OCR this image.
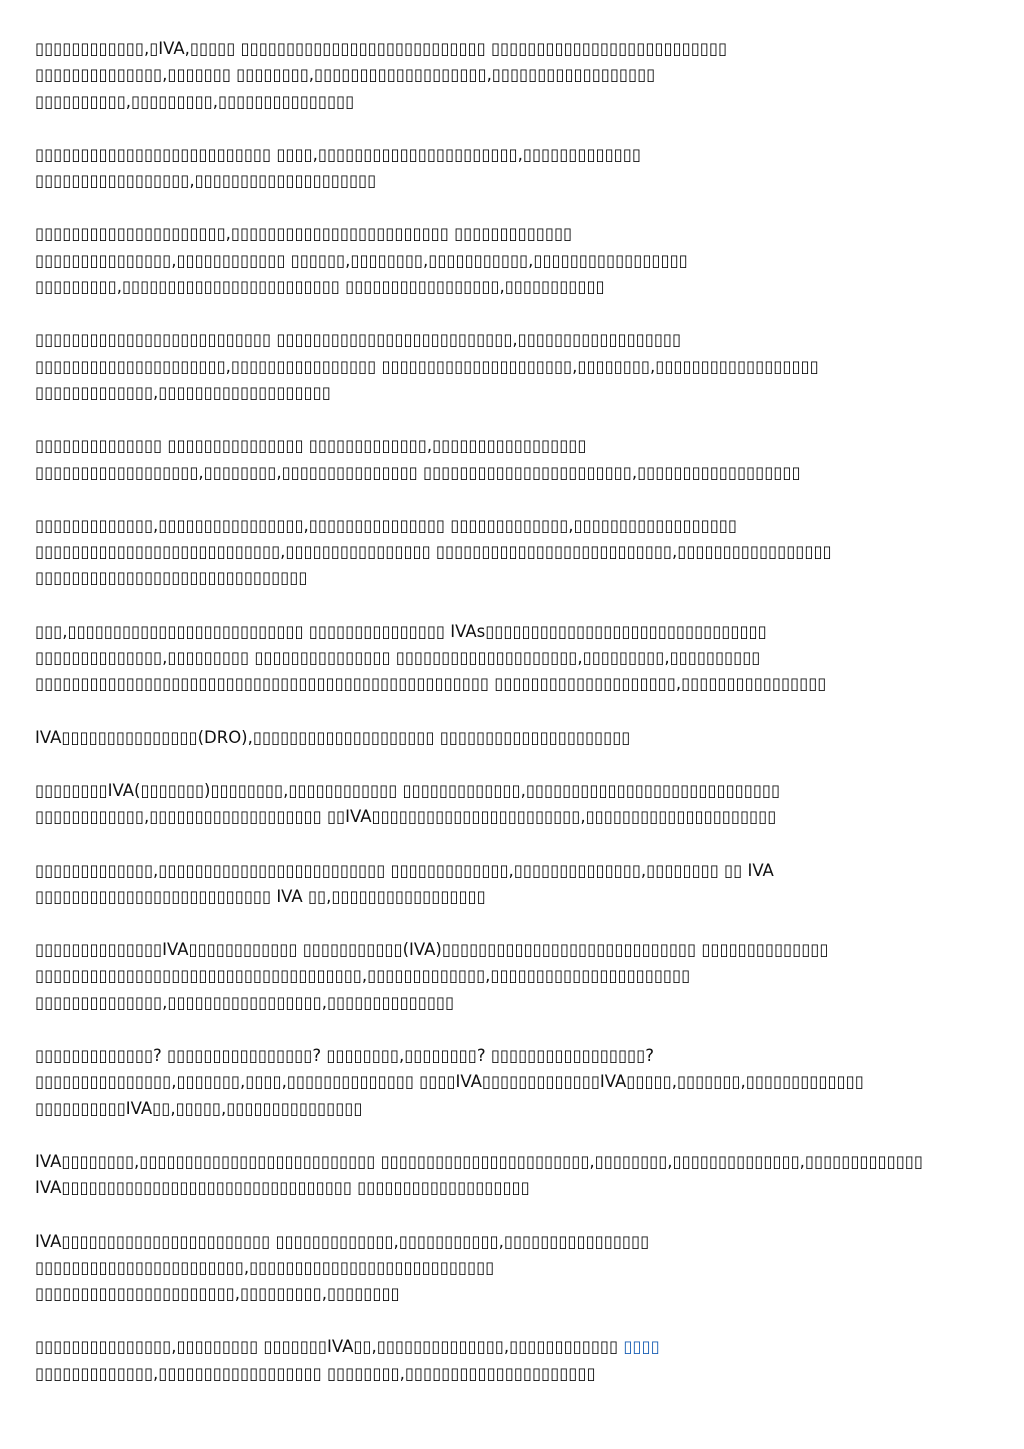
▯▯▯▯▯▯▯▯▯▯▯▯,▯IVA,▯▯▯▯▯ ▯▯▯▯▯▯▯▯▯▯▯▯▯▯▯▯▯▯▯▯▯▯▯▯▯▯▯ ▯▯▯▯▯▯▯▯▯▯▯▯▯▯▯▯▯▯▯▯▯▯▯▯▯▯
▯▯▯▯▯▯▯▯▯▯▯▯▯▯,▯▯▯▯▯▯▯ ▯▯▯▯▯▯▯▯,▯▯▯▯▯▯▯▯▯▯▯▯▯▯▯▯▯▯▯,▯▯▯▯▯▯▯▯▯▯▯▯▯▯▯▯▯▯
▯▯▯▯▯▯▯▯▯▯,▯▯▯▯▯▯▯▯▯,▯▯▯▯▯▯▯▯▯▯▯▯▯▯▯

▯▯▯▯▯▯▯▯▯▯▯▯▯▯▯▯▯▯▯▯▯▯▯▯▯▯ ▯▯▯▯,▯▯▯▯▯▯▯▯▯▯▯▯▯▯▯▯▯▯▯▯▯▯,▯▯▯▯▯▯▯▯▯▯▯▯▯
▯▯▯▯▯▯▯▯▯▯▯▯▯▯▯▯▯,▯▯▯▯▯▯▯▯▯▯▯▯▯▯▯▯▯▯▯▯

▯▯▯▯▯▯▯▯▯▯▯▯▯▯▯▯▯▯▯▯▯,▯▯▯▯▯▯▯▯▯▯▯▯▯▯▯▯▯▯▯▯▯▯▯▯ ▯▯▯▯▯▯▯▯▯▯▯▯▯
▯▯▯▯▯▯▯▯▯▯▯▯▯▯▯,▯▯▯▯▯▯▯▯▯▯▯▯ ▯▯▯▯▯▯,▯▯▯▯▯▯▯▯,▯▯▯▯▯▯▯▯▯▯▯,▯▯▯▯▯▯▯▯▯▯▯▯▯▯▯▯▯
▯▯▯▯▯▯▯▯▯,▯▯▯▯▯▯▯▯▯▯▯▯▯▯▯▯▯▯▯▯▯▯▯▯ ▯▯▯▯▯▯▯▯▯▯▯▯▯▯▯▯▯,▯▯▯▯▯▯▯▯▯▯▯

▯▯▯▯▯▯▯▯▯▯▯▯▯▯▯▯▯▯▯▯▯▯▯▯▯▯ ▯▯▯▯▯▯▯▯▯▯▯▯▯▯▯▯▯▯▯▯▯▯▯▯▯▯,▯▯▯▯▯▯▯▯▯▯▯▯▯▯▯▯▯▯
▯▯▯▯▯▯▯▯▯▯▯▯▯▯▯▯▯▯▯▯▯,▯▯▯▯▯▯▯▯▯▯▯▯▯▯▯▯ ▯▯▯▯▯▯▯▯▯▯▯▯▯▯▯▯▯▯▯▯▯,▯▯▯▯▯▯▯▯,▯▯▯▯▯▯▯▯▯▯▯▯▯▯▯▯▯▯
▯▯▯▯▯▯▯▯▯▯▯▯▯,▯▯▯▯▯▯▯▯▯▯▯▯▯▯▯▯▯▯▯

▯▯▯▯▯▯▯▯▯▯▯▯▯▯ ▯▯▯▯▯▯▯▯▯▯▯▯▯▯▯ ▯▯▯▯▯▯▯▯▯▯▯▯▯,▯▯▯▯▯▯▯▯▯▯▯▯▯▯▯▯▯
▯▯▯▯▯▯▯▯▯▯▯▯▯▯▯▯▯▯,▯▯▯▯▯▯▯▯,▯▯▯▯▯▯▯▯▯▯▯▯▯▯▯ ▯▯▯▯▯▯▯▯▯▯▯▯▯▯▯▯▯▯▯▯▯▯▯,▯▯▯▯▯▯▯▯▯▯▯▯▯▯▯▯▯▯

▯▯▯▯▯▯▯▯▯▯▯▯▯,▯▯▯▯▯▯▯▯▯▯▯▯▯▯▯▯,▯▯▯▯▯▯▯▯▯▯▯▯▯▯▯ ▯▯▯▯▯▯▯▯▯▯▯▯▯,▯▯▯▯▯▯▯▯▯▯▯▯▯▯▯▯▯▯
▯▯▯▯▯▯▯▯▯▯▯▯▯▯▯▯▯▯▯▯▯▯▯▯▯▯▯,▯▯▯▯▯▯▯▯▯▯▯▯▯▯▯▯ ▯▯▯▯▯▯▯▯▯▯▯▯▯▯▯▯▯▯▯▯▯▯▯▯▯▯,▯▯▯▯▯▯▯▯▯▯▯▯▯▯▯▯▯
▯▯▯▯▯▯▯▯▯▯▯▯▯▯▯▯▯▯▯▯▯▯▯▯▯▯▯▯▯▯

▯▯▯,▯▯▯▯▯▯▯▯▯▯▯▯▯▯▯▯▯▯▯▯▯▯▯▯▯▯ ▯▯▯▯▯▯▯▯▯▯▯▯▯▯▯ IVAs▯▯▯▯▯▯▯▯▯▯▯▯▯▯▯▯▯▯▯▯▯▯▯▯▯▯▯▯▯▯▯
▯▯▯▯▯▯▯▯▯▯▯▯▯▯,▯▯▯▯▯▯▯▯▯ ▯▯▯▯▯▯▯▯▯▯▯▯▯▯▯ ▯▯▯▯▯▯▯▯▯▯▯▯▯▯▯▯▯▯▯▯,▯▯▯▯▯▯▯▯▯,▯▯▯▯▯▯▯▯▯▯
▯▯▯▯▯▯▯▯▯▯▯▯▯▯▯▯▯▯▯▯▯▯▯▯▯▯▯▯▯▯▯▯▯▯▯▯▯▯▯▯▯▯▯▯▯▯▯▯▯▯ ▯▯▯▯▯▯▯▯▯▯▯▯▯▯▯▯▯▯▯▯,▯▯▯▯▯▯▯▯▯▯▯▯▯▯▯▯

IVA▯▯▯▯▯▯▯▯▯▯▯▯▯▯▯(DRO),▯▯▯▯▯▯▯▯▯▯▯▯▯▯▯▯▯▯▯▯ ▯▯▯▯▯▯▯▯▯▯▯▯▯▯▯▯▯▯▯▯▯

▯▯▯▯▯▯▯▯IVA(▯▯▯▯▯▯▯)▯▯▯▯▯▯▯▯,▯▯▯▯▯▯▯▯▯▯▯▯ ▯▯▯▯▯▯▯▯▯▯▯▯▯,▯▯▯▯▯▯▯▯▯▯▯▯▯▯▯▯▯▯▯▯▯▯▯▯▯▯▯▯
▯▯▯▯▯▯▯▯▯▯▯▯,▯▯▯▯▯▯▯▯▯▯▯▯▯▯▯▯▯▯▯ ▯▯IVA▯▯▯▯▯▯▯▯▯▯▯▯▯▯▯▯▯▯▯▯▯▯▯,▯▯▯▯▯▯▯▯▯▯▯▯▯▯▯▯▯▯▯▯▯

▯▯▯▯▯▯▯▯▯▯▯▯▯,▯▯▯▯▯▯▯▯▯▯▯▯▯▯▯▯▯▯▯▯▯▯▯▯▯ ▯▯▯▯▯▯▯▯▯▯▯▯▯,▯▯▯▯▯▯▯▯▯▯▯▯▯▯,▯▯▯▯▯▯▯▯ ▯▯ IVA
▯▯▯▯▯▯▯▯▯▯▯▯▯▯▯▯▯▯▯▯▯▯▯▯▯▯ IVA ▯▯,▯▯▯▯▯▯▯▯▯▯▯▯▯▯▯▯▯

▯▯▯▯▯▯▯▯▯▯▯▯▯▯IVA▯▯▯▯▯▯▯▯▯▯▯▯ ▯▯▯▯▯▯▯▯▯▯▯(IVA)▯▯▯▯▯▯▯▯▯▯▯▯▯▯▯▯▯▯▯▯▯▯▯▯▯▯▯▯ ▯▯▯▯▯▯▯▯▯▯▯▯▯▯
▯▯▯▯▯▯▯▯▯▯▯▯▯▯▯▯▯▯▯▯▯▯▯▯▯▯▯▯▯▯▯▯▯▯▯▯,▯▯▯▯▯▯▯▯▯▯▯▯▯,▯▯▯▯▯▯▯▯▯▯▯▯▯▯▯▯▯▯▯▯▯▯
▯▯▯▯▯▯▯▯▯▯▯▯▯▯,▯▯▯▯▯▯▯▯▯▯▯▯▯▯▯▯▯,▯▯▯▯▯▯▯▯▯▯▯▯▯▯

▯▯▯▯▯▯▯▯▯▯▯▯▯? ▯▯▯▯▯▯▯▯▯▯▯▯▯▯▯▯? ▯▯▯▯▯▯▯▯,▯▯▯▯▯▯▯▯? ▯▯▯▯▯▯▯▯▯▯▯▯▯▯▯▯▯?
▯▯▯▯▯▯▯▯▯▯▯▯▯▯▯,▯▯▯▯▯▯▯,▯▯▯▯,▯▯▯▯▯▯▯▯▯▯▯▯▯▯ ▯▯▯▯IVA▯▯▯▯▯▯▯▯▯▯▯▯▯IVA▯▯▯▯▯,▯▯▯▯▯▯▯,▯▯▯▯▯▯▯▯▯▯▯▯▯
▯▯▯▯▯▯▯▯▯▯IVA▯▯,▯▯▯▯▯,▯▯▯▯▯▯▯▯▯▯▯▯▯▯▯

IVA▯▯▯▯▯▯▯▯,▯▯▯▯▯▯▯▯▯▯▯▯▯▯▯▯▯▯▯▯▯▯▯▯▯▯ ▯▯▯▯▯▯▯▯▯▯▯▯▯▯▯▯▯▯▯▯▯▯▯,▯▯▯▯▯▯▯▯,▯▯▯▯▯▯▯▯▯▯▯▯▯▯,▯▯▯▯▯▯▯▯▯▯▯▯▯
IVA▯▯▯▯▯▯▯▯▯▯▯▯▯▯▯▯▯▯▯▯▯▯▯▯▯▯▯▯▯▯▯▯ ▯▯▯▯▯▯▯▯▯▯▯▯▯▯▯▯▯▯▯

IVA▯▯▯▯▯▯▯▯▯▯▯▯▯▯▯▯▯▯▯▯▯▯▯ ▯▯▯▯▯▯▯▯▯▯▯▯▯,▯▯▯▯▯▯▯▯▯▯▯,▯▯▯▯▯▯▯▯▯▯▯▯▯▯▯▯
▯▯▯▯▯▯▯▯▯▯▯▯▯▯▯▯▯▯▯▯▯▯▯,▯▯▯▯▯▯▯▯▯▯▯▯▯▯▯▯▯▯▯▯▯▯▯▯▯▯▯
▯▯▯▯▯▯▯▯▯▯▯▯▯▯▯▯▯▯▯▯▯▯,▯▯▯▯▯▯▯▯▯,▯▯▯▯▯▯▯▯

▯▯▯▯▯▯▯▯▯▯▯▯▯▯▯,▯▯▯▯▯▯▯▯▯ ▯▯▯▯▯▯▯IVA▯▯,▯▯▯▯▯▯▯▯▯▯▯▯▯▯,▯▯▯▯▯▯▯▯▯▯▯▯ ▯▯▯▯
▯▯▯▯▯▯▯▯▯▯▯▯▯,▯▯▯▯▯▯▯▯▯▯▯▯▯▯▯▯▯▯ ▯▯▯▯▯▯▯▯,▯▯▯▯▯▯▯▯▯▯▯▯▯▯▯▯▯▯▯▯▯
